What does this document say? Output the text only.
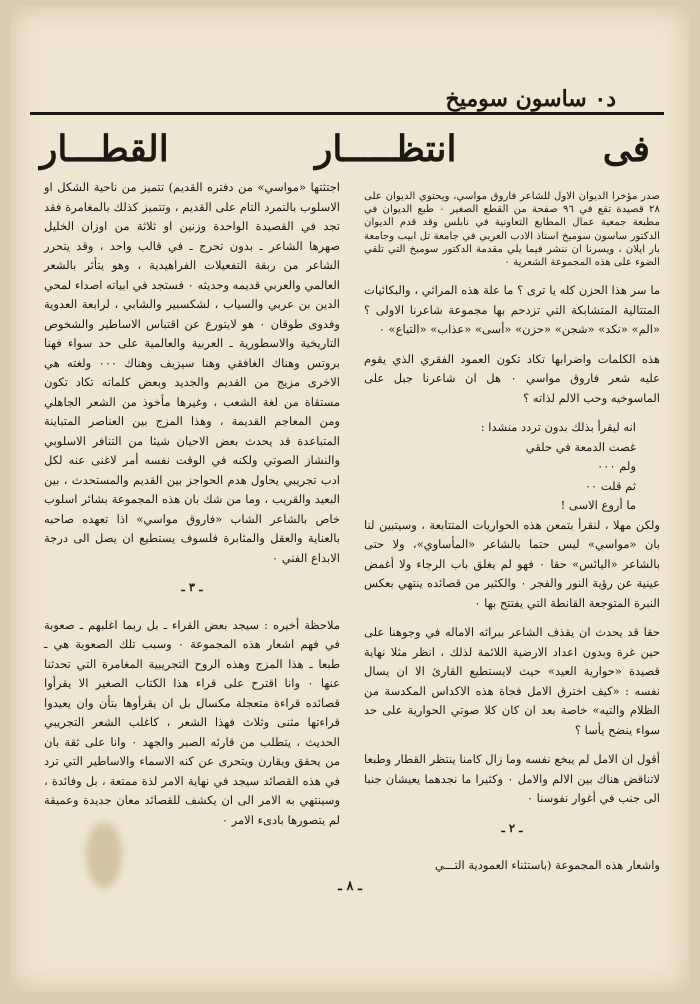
د٠ ساسون سوميخ
فى
انتظـــــار
القطـــار

صدر مؤخرا الديوان الاول للشاعر فاروق مواسي، ويحتوي الديوان على ٢٨ قصيدة تقع في ٩٦ صفحة من القطع الصغير ٠ طبع الديوان في مطبعة جمعية عمال المطابع التعاونية في نابلس وقد قدم الديوان الدكتور ساسون سوميخ استاذ الادب العربي في جامعة تل ابيب وجامعة بار ايلان ، ويسرنا ان ننشر فيما يلي مقدمة الدكتور سوميخ التي تلقي الضوء على هذه المجموعة الشعرية ٠

ما سر هذا الحزن كله يا ترى ؟ ما علة هذه المراثي ، والبكائيات المتتالية المتشابكة التي تزدحم بها مجموعة شاعرنا الاولى ؟ «الم» «نكد» «شجن» «حزن» «أسى» «عذاب» «التياع» ٠

هذه الكلمات واضرابها تكاد تكون العمود الفقري الذي يقوم عليه شعر فاروق مواسي ٠ هل ان شاعرنا جبل على الماسوخيه وحب الالم لذاته ؟

انه ليقرأ بذلك بدون تردد منشدا :
غصت الدمعة في حلقي
ولم ٠٠٠
ثم قلت ٠٠
ما أروع الاسى !

ولكن مهلا ، لنقرأ بتمعن هذه الحواريات المتتابعة ، وسيتبين لنا بان «مواسي» ليس حتما بالشاعر «المأساوي»، ولا حتى بالشاعر «اليائس» حقا ٠ فهو لم يغلق باب الرجاء ولا أغمض عينية عن رؤية النور والفجر ٠ والكثير من قصائده ينتهي بعكس النبرة المتوجعة القانطة التي يفتتح بها ٠

حقا قد يحدث ان يقذف الشاعر ببراثه الاماله في وجوهنا على حين غرة وبدون اعداد الارضية اللائمة لذلك ، انظر مثلا نهاية قصيدة «حوارية العيد» حيث لايستطيع القارئ الا ان يسال نفسه : «كيف اخترق الامل فجاة هذه الاكداس المكدسة من الظلام والتيه» خاصة بعد ان كان كلا صوتي الحوارية على حد سواء ينضح يأسا ؟

أقول ان الامل لم يبخع نفسه وما زال كامنا ينتظر القطار وطبعا لاتناقض هناك بين الالم والامل ٠ وكثيرا ما نجدهما يعيشان جنبا الى جنب في أغوار نفوسنا ٠

ـ ٢ ـ

واشعار هذه المجموعة (باستثناء العمودية التـــي

اجتثتها «مواسي» من دفتره القديم) تتميز من ناحية الشكل او الاسلوب بالتمرد التام على القديم ، وتتميز كذلك بالمغامرة فقد تجد في القصيدة الواحدة وزنين او ثلاثة من اوزان الخليل صهرها الشاعر ـ بدون تحرج ـ في قالب واحد ، وقد يتحرر الشاعر من ربقة التفعيلات الفراهيدية ، وهو يتأثر بالشعر العالمي والعربي قديمه وحديثه ٠ فستجد في ابياته اصداء لمحي الدين بن عربي والسياب ، لشكسبير والشابي ، لرابعة العدوية وفدوى طوقان ٠ هو لايتورع عن اقتباس الاساطير والشخوص التاريخية والاسطورية ـ العربية والعالمية على حد سواء فهنا بروتس وهناك الغافقي وهنا سيزيف وهناك ٠٠٠ ولغته هي الاخرى مزيج من القديم والجديد وبعض كلماته تكاد تكون مستقاة من لغة الشعب ، وغيرها مأخوذ من الشعر الجاهلي ومن المعاجم القديمة ، وهذا المزج بين العناصر المتباينة المتباعدة قد يحدث بعض الاحيان شيئا من التنافر الاسلوبي والنشاز الصوتي ولكنه في الوقت نفسه أمر لاغنى عنه لكل ادب تجريبي يحاول هدم الحواجز بين القديم والمستحدث ، بين البعيد والقريب ، وما من شك بان هذه المجموعة بشائر اسلوب خاص بالشاعر الشاب «فاروق مواسي» اذا تعهده صاحبه بالعناية والعقل والمثابرة فلسوف يستطيع ان يصل الى درجة الابداع الفني ٠

ـ ٣ ـ

ملاحظة أخيره : سيجد بعض القراء ـ بل ربما اغلبهم ـ صعوبة في فهم اشعار هذه المجموعة ٠ وسبب تلك الصعوبة هي ـ طبعا ـ هذا المزج وهذه الروح التجريبية المغامرة التي تحدثنا عنها ٠ وانا اقترح على قراء هذا الكتاب الصغير الا يقرأوا قصائده قراءة متعجلة مكسال بل ان يقرأوها بتأن وان يعيدوا قراءتها مثنى وثلاث فهذا الشعر ، كاغلب الشعر التجريبي الحديث ، يتطلب من قارئه الصبر والجهد ٠ وانا على ثقة بان من يحقق ويقارن ويتحرى عن كنه الاسماء والاساطير التي ترد في هذه القصائد سيجد في نهاية الامر لذة ممتعة ، بل وفائدة ، وسينتهي به الامر الى ان يكشف للقصائد معان جديدة وعميقة لم يتصورها بادىء الامر ٠

ـ ٨ ـ
